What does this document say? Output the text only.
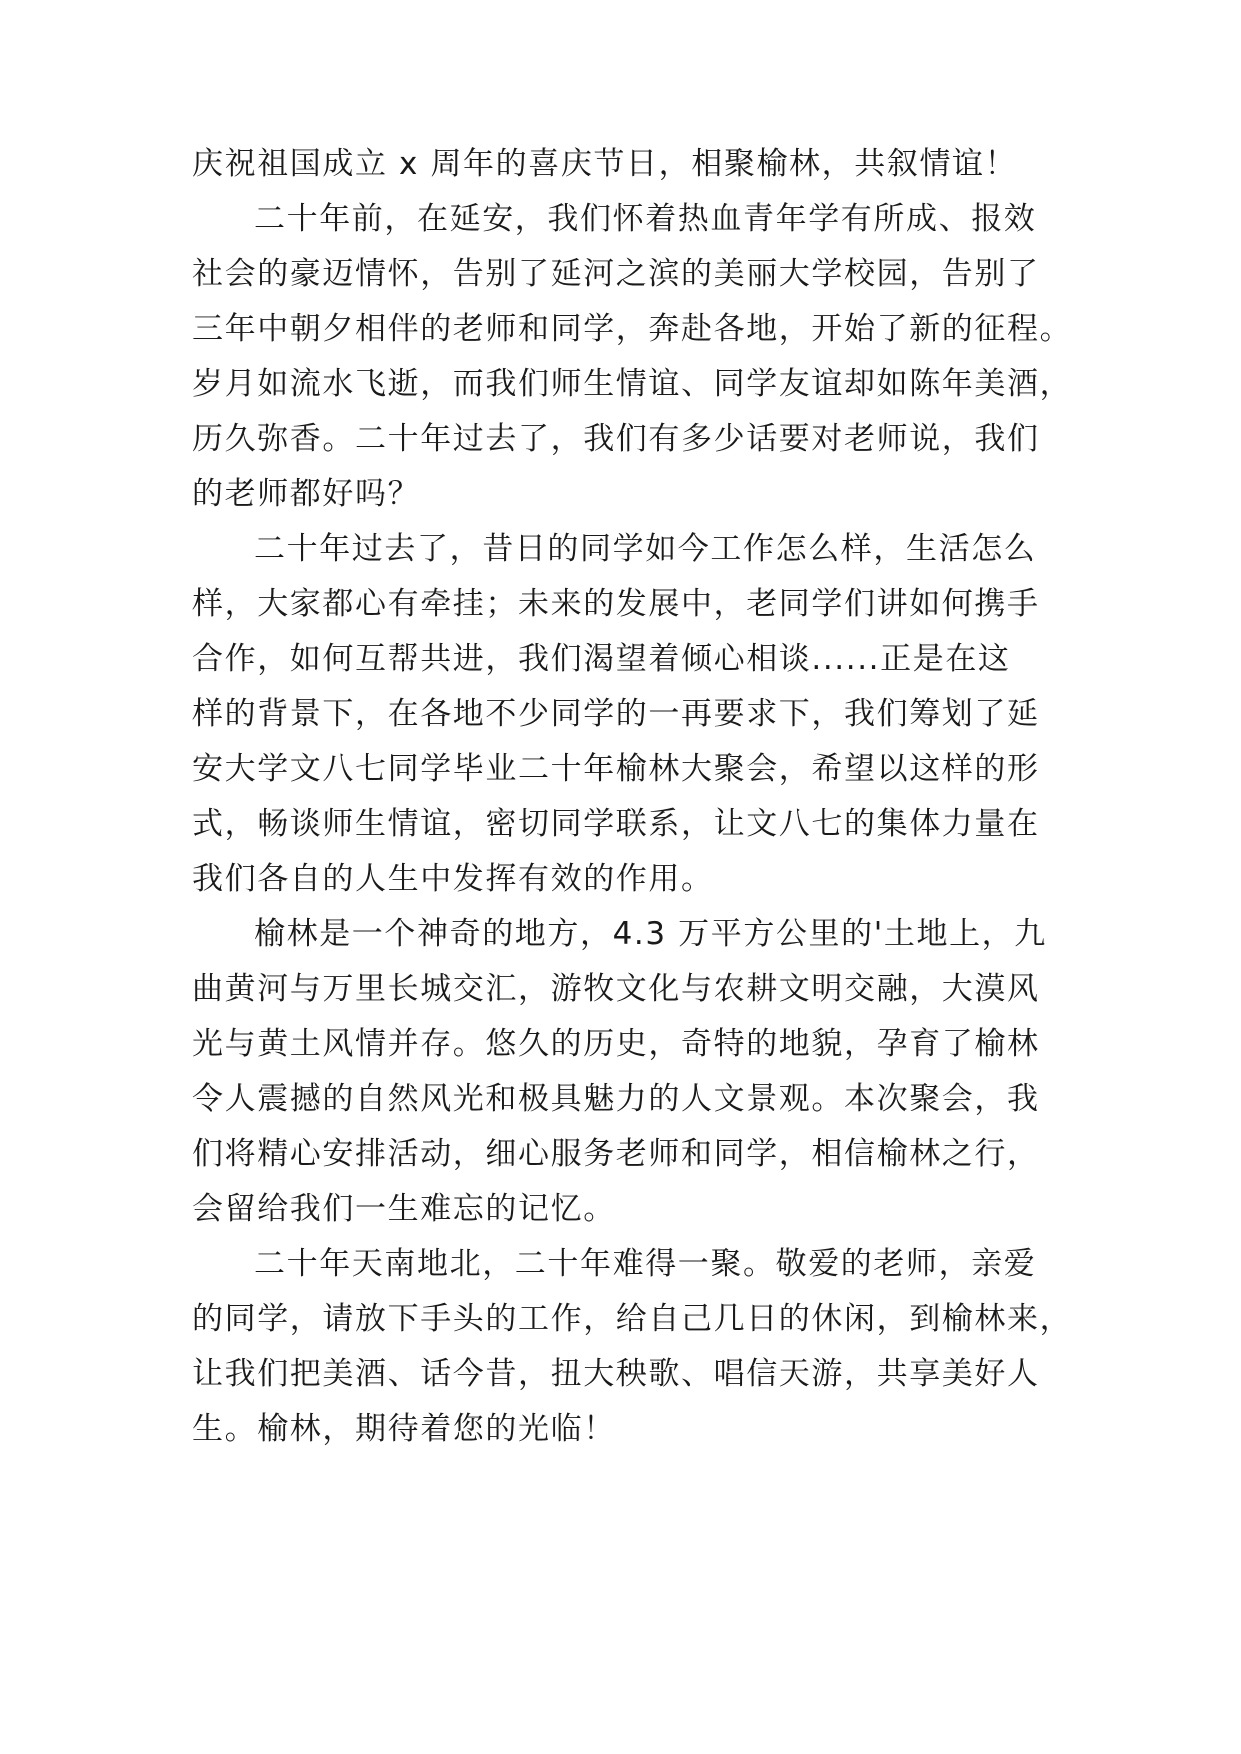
庆祝祖国成立 x 周年的喜庆节日，相聚榆林，共叙情谊！
二十年前，在延安，我们怀着热血青年学有所成、报效
社会的豪迈情怀，告别了延河之滨的美丽大学校园，告别了
三年中朝夕相伴的老师和同学，奔赴各地，开始了新的征程。
岁月如流水飞逝，而我们师生情谊、同学友谊却如陈年美酒，
历久弥香。二十年过去了，我们有多少话要对老师说，我们
的老师都好吗？
二十年过去了，昔日的同学如今工作怎么样，生活怎么
样，大家都心有牵挂；未来的发展中，老同学们讲如何携手
合作，如何互帮共进，我们渴望着倾心相谈......正是在这
样的背景下，在各地不少同学的一再要求下，我们筹划了延
安大学文八七同学毕业二十年榆林大聚会，希望以这样的形
式，畅谈师生情谊，密切同学联系，让文八七的集体力量在
我们各自的人生中发挥有效的作用。
榆林是一个神奇的地方，4.3 万平方公里的'土地上，九
曲黄河与万里长城交汇，游牧文化与农耕文明交融，大漠风
光与黄土风情并存。悠久的历史，奇特的地貌，孕育了榆林
令人震撼的自然风光和极具魅力的人文景观。本次聚会，我
们将精心安排活动，细心服务老师和同学，相信榆林之行，
会留给我们一生难忘的记忆。
二十年天南地北，二十年难得一聚。敬爱的老师，亲爱
的同学，请放下手头的工作，给自己几日的休闲，到榆林来，
让我们把美酒、话今昔，扭大秧歌、唱信天游，共享美好人
生。榆林，期待着您的光临！
